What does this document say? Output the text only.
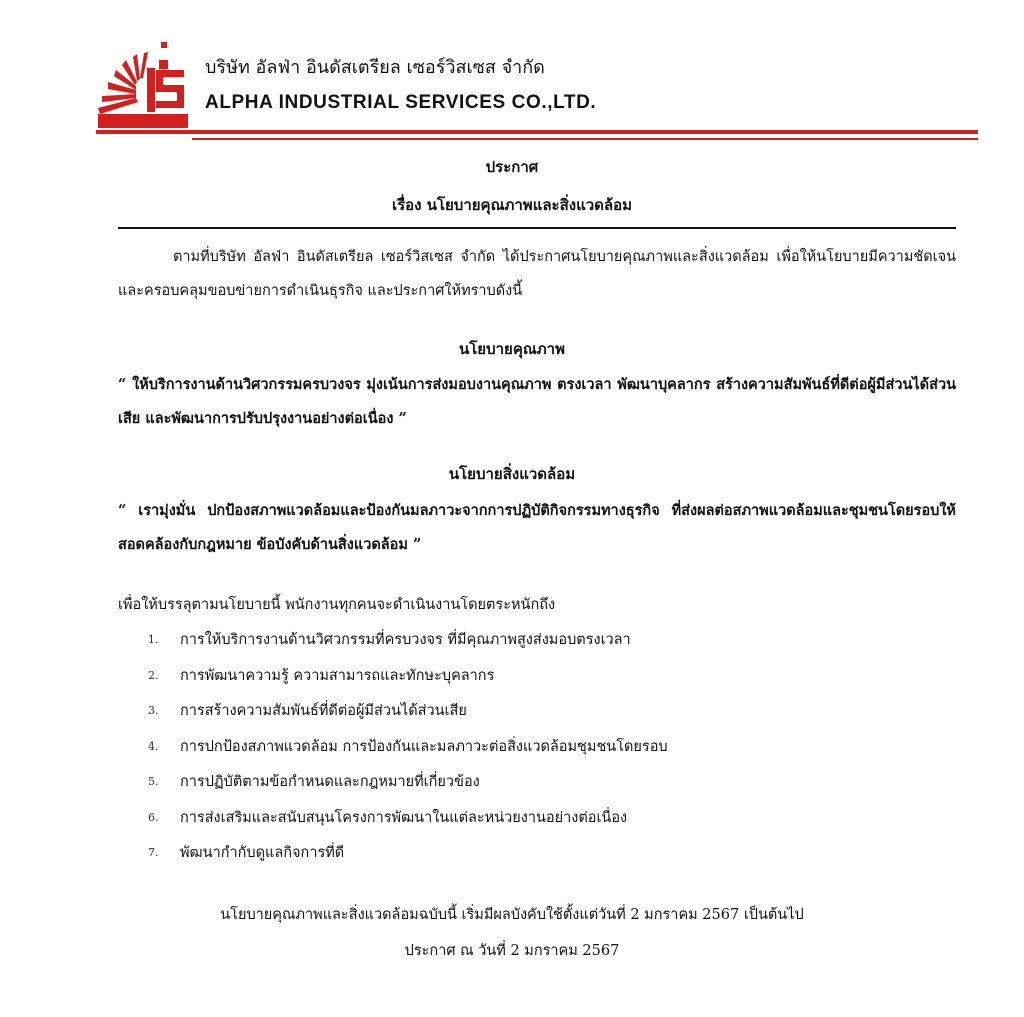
บริษัท อัลฟ่า อินดัสเตรียล เซอร์วิสเซส จำกัด
ALPHA INDUSTRIAL SERVICES CO.,LTD.
ประกาศ
เรื่อง นโยบายคุณภาพและสิ่งแวดล้อม
ตามที่บริษัท อัลฟ่า อินดัสเตรียล เซอร์วิสเซส จำกัด ได้ประกาศนโยบายคุณภาพและสิ่งแวดล้อม เพื่อให้นโยบายมีความชัดเจนและครอบคลุมขอบข่ายการดำเนินธุรกิจ และประกาศให้ทราบดังนี้
นโยบายคุณภาพ
“ ให้บริการงานด้านวิศวกรรมครบวงจร มุ่งเน้นการส่งมอบงานคุณภาพ ตรงเวลา พัฒนาบุคลากร สร้างความสัมพันธ์ที่ดีต่อผู้มีส่วนได้ส่วนเสีย และพัฒนาการปรับปรุงงานอย่างต่อเนื่อง ”
นโยบายสิ่งแวดล้อม
“ เรามุ่งมั่น ปกป้องสภาพแวดล้อมและป้องกันมลภาวะจากการปฏิบัติกิจกรรมทางธุรกิจ ที่ส่งผลต่อสภาพแวดล้อมและชุมชนโดยรอบให้สอดคล้องกับกฎหมาย ข้อบังคับด้านสิ่งแวดล้อม ”
เพื่อให้บรรลุตามนโยบายนี้ พนักงานทุกคนจะดำเนินงานโดยตระหนักถึง
1.	การให้บริการงานด้านวิศวกรรมที่ครบวงจร ที่มีคุณภาพสูงส่งมอบตรงเวลา
2.	การพัฒนาความรู้ ความสามารถและทักษะบุคลากร
3.	การสร้างความสัมพันธ์ที่ดีต่อผู้มีส่วนได้ส่วนเสีย
4.	การปกป้องสภาพแวดล้อม การป้องกันและมลภาวะต่อสิ่งแวดล้อมชุมชนโดยรอบ
5.	การปฏิบัติตามข้อกำหนดและกฎหมายที่เกี่ยวข้อง
6.	การส่งเสริมและสนับสนุนโครงการพัฒนาในแต่ละหน่วยงานอย่างต่อเนื่อง
7.	พัฒนากำกับดูแลกิจการที่ดี
นโยบายคุณภาพและสิ่งแวดล้อมฉบับนี้ เริ่มมีผลบังคับใช้ตั้งแต่วันที่ 2 มกราคม 2567 เป็นต้นไป
ประกาศ ณ วันที่ 2 มกราคม 2567
